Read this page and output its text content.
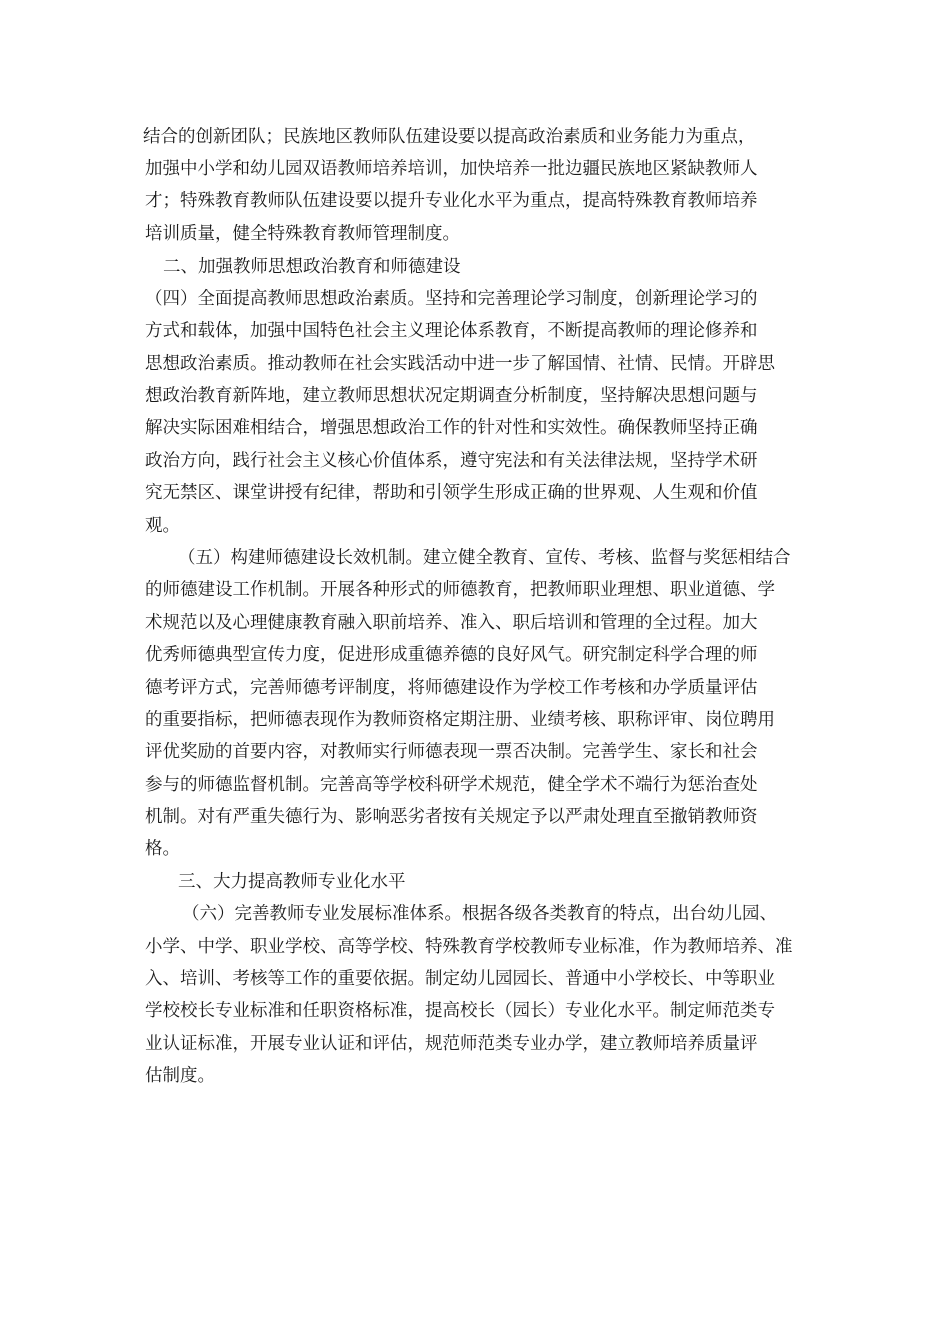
结合的创新团队；民族地区教师队伍建设要以提高政治素质和业务能力为重点，
加强中小学和幼儿园双语教师培养培训，加快培养一批边疆民族地区紧缺教师人
才；特殊教育教师队伍建设要以提升专业化水平为重点，提高特殊教育教师培养
培训质量，健全特殊教育教师管理制度。
二、加强教师思想政治教育和师德建设
（四）全面提高教师思想政治素质。坚持和完善理论学习制度，创新理论学习的
方式和载体，加强中国特色社会主义理论体系教育，不断提高教师的理论修养和
思想政治素质。推动教师在社会实践活动中进一步了解国情、社情、民情。开辟思
想政治教育新阵地，建立教师思想状况定期调查分析制度，坚持解决思想问题与
解决实际困难相结合，增强思想政治工作的针对性和实效性。确保教师坚持正确
政治方向，践行社会主义核心价值体系，遵守宪法和有关法律法规，坚持学术研
究无禁区、课堂讲授有纪律，帮助和引领学生形成正确的世界观、人生观和价值
观。
（五）构建师德建设长效机制。建立健全教育、宣传、考核、监督与奖惩相结合
的师德建设工作机制。开展各种形式的师德教育，把教师职业理想、职业道德、学
术规范以及心理健康教育融入职前培养、准入、职后培训和管理的全过程。加大
优秀师德典型宣传力度，促进形成重德养德的良好风气。研究制定科学合理的师
德考评方式，完善师德考评制度，将师德建设作为学校工作考核和办学质量评估
的重要指标，把师德表现作为教师资格定期注册、业绩考核、职称评审、岗位聘用
评优奖励的首要内容，对教师实行师德表现一票否决制。完善学生、家长和社会
参与的师德监督机制。完善高等学校科研学术规范，健全学术不端行为惩治查处
机制。对有严重失德行为、影响恶劣者按有关规定予以严肃处理直至撤销教师资
格。
三、大力提高教师专业化水平
（六）完善教师专业发展标准体系。根据各级各类教育的特点，出台幼儿园、
小学、中学、职业学校、高等学校、特殊教育学校教师专业标准，作为教师培养、准
入、培训、考核等工作的重要依据。制定幼儿园园长、普通中小学校长、中等职业
学校校长专业标准和任职资格标准，提高校长（园长）专业化水平。制定师范类专
业认证标准，开展专业认证和评估，规范师范类专业办学，建立教师培养质量评
估制度。
